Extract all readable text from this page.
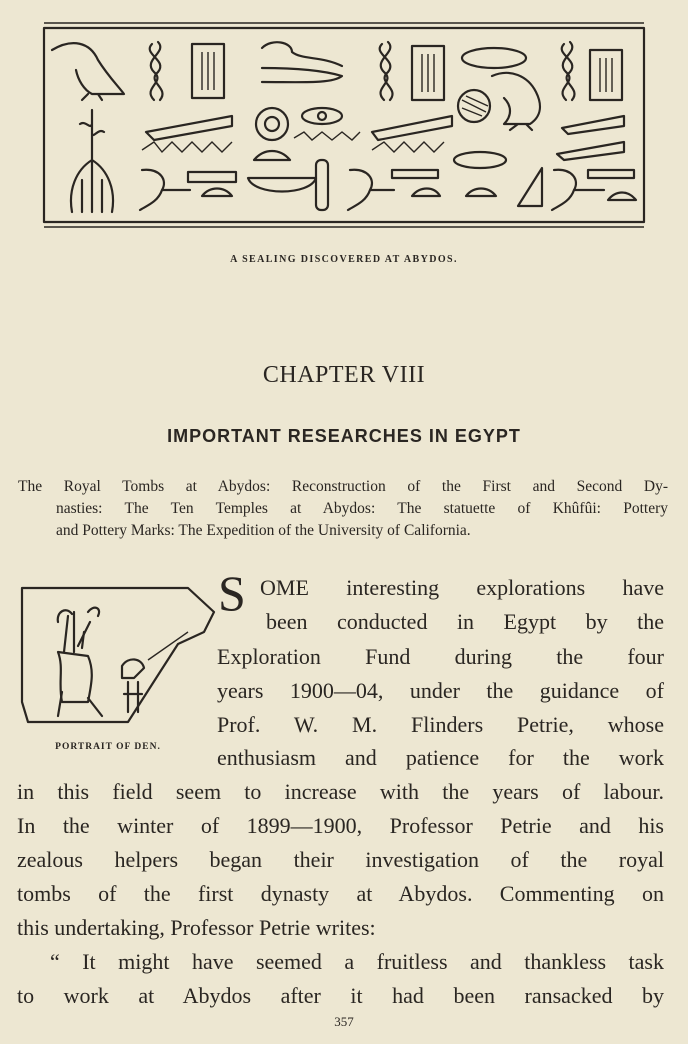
A SEALING DISCOVERED AT ABYDOS.
CHAPTER VIII
IMPORTANT RESEARCHES IN EGYPT
The Royal Tombs at Abydos: Reconstruction of the First and Second Dy-
nasties: The Ten Temples at Abydos: The statuette of Khûfûi: Pottery
and Pottery Marks: The Expedition of the University of California.
PORTRAIT OF DEN.
S OME interesting explorations have
been conducted in Egypt by the
Exploration Fund during the four
years 1900—04, under the guidance of
Prof. W. M. Flinders Petrie, whose
enthusiasm and patience for the work
in this field seem to increase with the years of labour.
In the winter of 1899—1900, Professor Petrie and his
zealous helpers began their investigation of the royal
tombs of the first dynasty at Abydos. Commenting on
this undertaking, Professor Petrie writes:
“ It might have seemed a fruitless and thankless task
to work at Abydos after it had been ransacked by
357
